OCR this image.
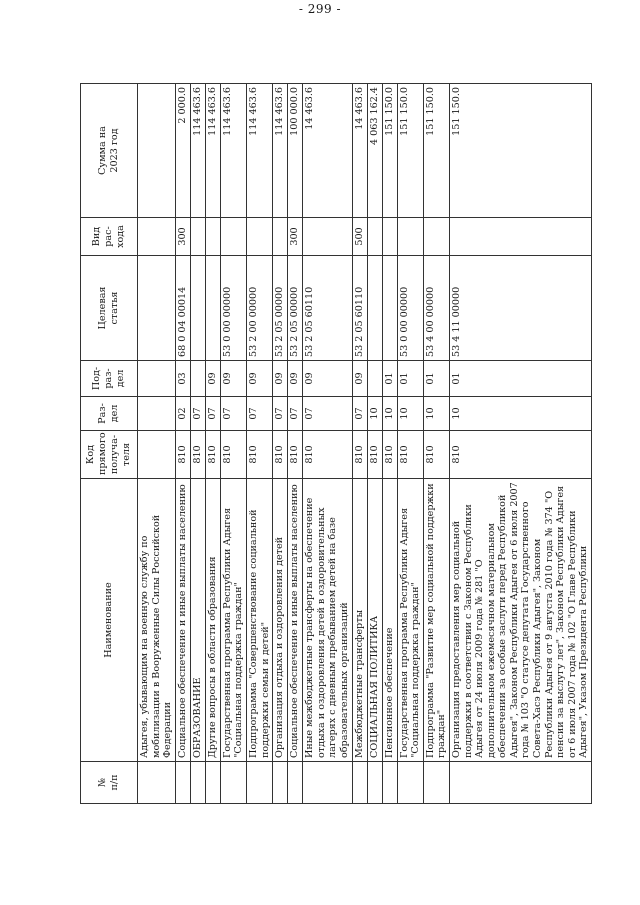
- 299 -
№
п/п	Наименование	Код
прямого
получа-
теля	Раз-
дел	Под-
раз-
дел	Целевая
статья	Вид
рас-
хода	Сумма на
2023 год
	Адыгея, убывающим на военную службу по мобилизации в Вооруженные Силы Российской Федерации						
	Социальное обеспечение и иные выплаты населению	810	02	03	68 0 04 00014	300	2 000.0
	ОБРАЗОВАНИЕ	810	07				114 463.6
	Другие вопросы в области образования	810	07	09			114 463.6
	Государственная программа Республики Адыгея "Социальная поддержка граждан"	810	07	09	53 0 00 00000		114 463.6
	Подпрограмма "Совершенствование социальной поддержки семьи и детей"	810	07	09	53 2 00 00000		114 463.6
	Организация отдыха и оздоровления детей	810	07	09	53 2 05 00000		114 463.6
	Социальное обеспечение и иные выплаты населению	810	07	09	53 2 05 00000	300	100 000.0
	Иные межбюджетные трансферты на обеспечение отдыха и оздоровления детей в оздоровительных лагерях с дневным пребыванием детей на базе образовательных организаций	810	07	09	53 2 05 60110		14 463.6
	Межбюджетные трансферты	810	07	09	53 2 05 60110	500	14 463.6
	СОЦИАЛЬНАЯ ПОЛИТИКА	810	10				4 063 162.4
	Пенсионное обеспечение	810	10	01			151 150.0
	Государственная программа Республики Адыгея "Социальная поддержка граждан"	810	10	01	53 0 00 00000		151 150.0
	Подпрограмма "Развитие мер социальной поддержки граждан"	810	10	01	53 4 00 00000		151 150.0
	Организация предоставления мер социальной поддержки в соответствии с Законом Республики Адыгея от 24 июля 2009 года № 281 "О дополнительном ежемесячном материальном обеспечении за особые заслуги перед Республикой Адыгея", Законом Республики Адыгея от 6 июля 2007 года № 103 "О статусе депутата Государственного Совета-Хасэ Республики Адыгея", Законом Республики Адыгея от 9 августа 2010 года № 374 "О пенсии за выслугу лет", Законом Республики Адыгея от 6 июля 2007 года № 102 "О Главе Республики Адыгея", Указом Президента Республики	810	10	01	53 4 11 00000		151 150.0
